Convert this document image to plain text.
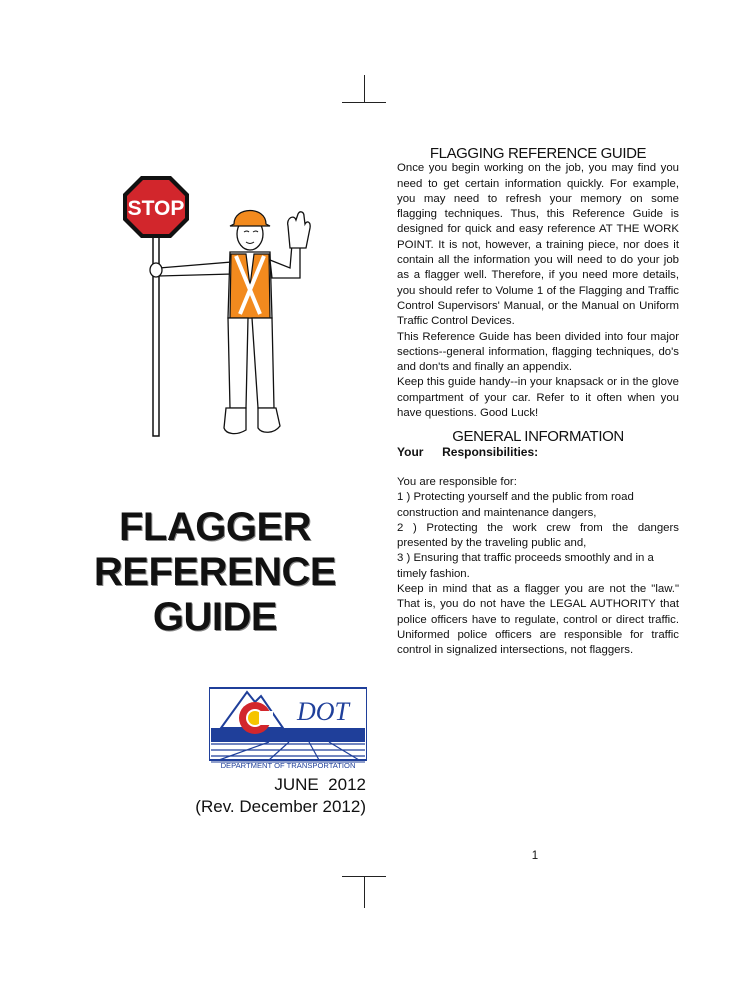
STOP
FLAGGER
REFERENCE
GUIDE
DOT
DEPARTMENT OF TRANSPORTATION
JUNE  2012
(Rev. December 2012)
FLAGGING REFERENCE GUIDE

Once you begin working on the job, you may find you need to get certain information quickly. For example, you may need to refresh your memory on some flagging techniques. Thus, this Reference Guide is designed for quick and easy reference AT THE WORK POINT. It is not, however, a training piece, nor does it contain all the information you will need to do your job as a flagger well. Therefore, if you need more details, you should refer to Volume 1 of the Flagging and Traffic Control Supervisors' Manual, or the Manual on Uniform Traffic Control Devices.

This Reference Guide has been divided into four major sections--general information, flagging techniques, do's and don'ts and finally an appendix.

Keep this guide handy--in your knapsack or in the glove compartment of your car. Refer to it often when you have questions. Good Luck!

GENERAL INFORMATION

Your  Responsibilities:

You are responsible for:

1 ) Protecting yourself and the public from road construction and maintenance dangers,

2 ) Protecting the work crew from the dangers presented by the traveling public and,

3 ) Ensuring that traffic proceeds smoothly and in a timely fashion.

Keep in mind that as a flagger you are not the "law." That is, you do not have the LEGAL AUTHORITY that police officers have to regulate, control or direct traffic. Uniformed police officers are responsible for traffic control in signalized intersections, not flaggers.

1
